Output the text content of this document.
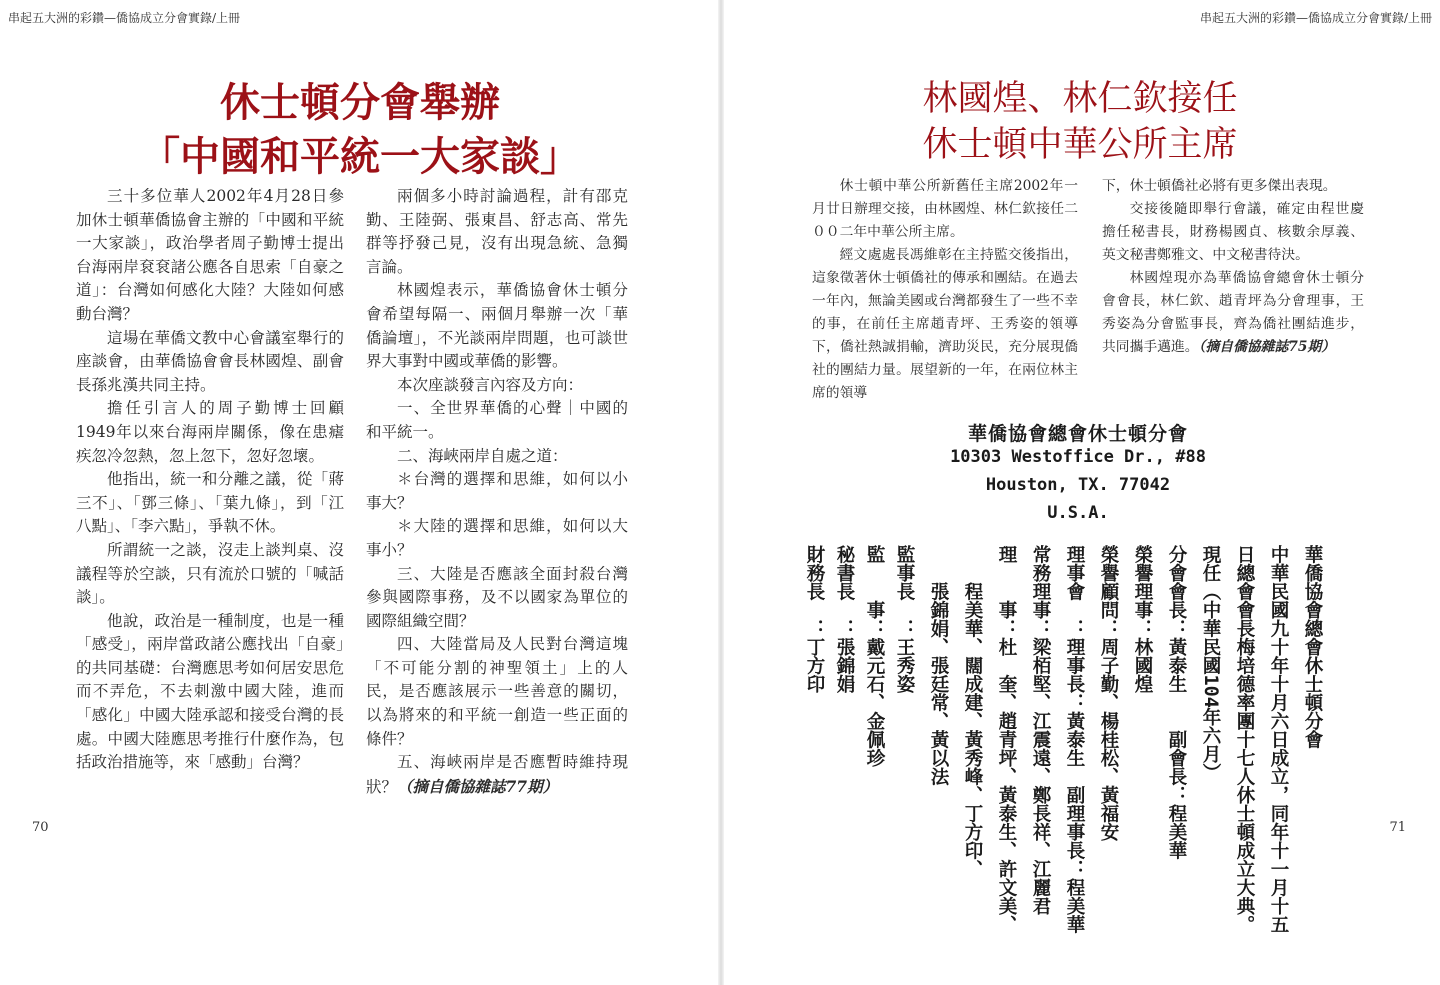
串起五大洲的彩鑽—僑協成立分會實錄/上冊	串起五大洲的彩鑽—僑協成立分會實錄/上冊
休士頓分會舉辦
「中國和平統一大家談」

三十多位華人2002年4月28日參加休士頓華僑協會主辦的「中國和平統一大家談」，政治學者周子勤博士提出台海兩岸袞袞諸公應各自思索「自豪之道」：台灣如何感化大陸？大陸如何感動台灣？

這場在華僑文教中心會議室舉行的座談會，由華僑協會會長林國煌、副會長孫兆漢共同主持。

擔任引言人的周子勤博士回顧1949年以來台海兩岸關係，像在患瘧疾忽冷忽熱，忽上忽下，忽好忽壞。

他指出，統一和分離之議，從「蔣三不」、「鄧三條」、「葉九條」，到「江八點」、「李六點」，爭執不休。

所謂統一之談，沒走上談判桌、沒議程等於空談，只有流於口號的「喊話談」。

他說，政治是一種制度，也是一種「感受」，兩岸當政諸公應找出「自豪」的共同基礎：台灣應思考如何居安思危而不弄危，不去刺激中國大陸，進而「感化」中國大陸承認和接受台灣的長處。中國大陸應思考推行什麼作為，包括政治措施等，來「感動」台灣？

兩個多小時討論過程，計有邵克勤、王陸弼、張東昌、舒志高、常先群等抒發己見，沒有出現急統、急獨言論。

林國煌表示，華僑協會休士頓分會希望每隔一、兩個月舉辦一次「華僑論壇」，不光談兩岸問題，也可談世界大事對中國或華僑的影響。

本次座談發言內容及方向：

一、全世界華僑的心聲｜中國的和平統一。

二、海峽兩岸自處之道：

＊台灣的選擇和思維，如何以小事大？

＊大陸的選擇和思維，如何以大事小？

三、大陸是否應該全面封殺台灣參與國際事務，及不以國家為單位的國際組織空間？

四、大陸當局及人民對台灣這塊「不可能分割的神聖領土」上的人民，是否應該展示一些善意的關切，以為將來的和平統一創造一些正面的條件？

五、海峽兩岸是否應暫時維持現狀？（摘自僑協雜誌77期）

70
林國煌、林仁欽接任
休士頓中華公所主席

休士頓中華公所新舊任主席2002年一月廿日辦理交接，由林國煌、林仁欽接任二００二年中華公所主席。

經文處處長馮維彰在主持監交後指出，這象徵著休士頓僑社的傳承和團結。在過去一年內，無論美國或台灣都發生了一些不幸的事，在前任主席趙青坪、王秀姿的領導下，僑社熱誠捐輸，濟助災民，充分展現僑社的團結力量。展望新的一年，在兩位林主席的領導

下，休士頓僑社必將有更多傑出表現。

交接後隨即舉行會議，確定由程世慶擔任秘書長，財務楊國貞、核數余厚義、英文秘書鄭雅文、中文秘書待決。

林國煌現亦為華僑協會總會休士頓分會會長，林仁欽、趙青坪為分會理事，王秀姿為分會監事長，齊為僑社團結進步，共同攜手邁進。（摘自僑協雜誌75期）

華僑協會總會休士頓分會
10303 Westoffice Dr., #88
Houston, TX. 77042
U.S.A.
華僑協會總會休士頓分會
中華民國九十年十月六日成立，同年十一月十五
日總會會長梅培德率團十七人休士頓成立大典。
現任（中華民國104年六月）
分會會長：黃泰生　　副會長：程美華
榮譽理事：林國煌
榮譽顧問：周子勤、楊桂松、黃福安
理事會　：理事長：黃泰生　副理事長：程美華
常務理事：梁栢堅、江震遠、鄭長祥、江麗君
理　　事：杜　奎、趙青坪、黃泰生、許文美、
　　程美華、闊成建、黃秀峰、丁方印、
　　張錦娟、張廷常、黃以法
監事長　：王秀姿
監　　事：戴元石、金佩珍
秘書長　：張錦娟
財務長　：丁方印
71
